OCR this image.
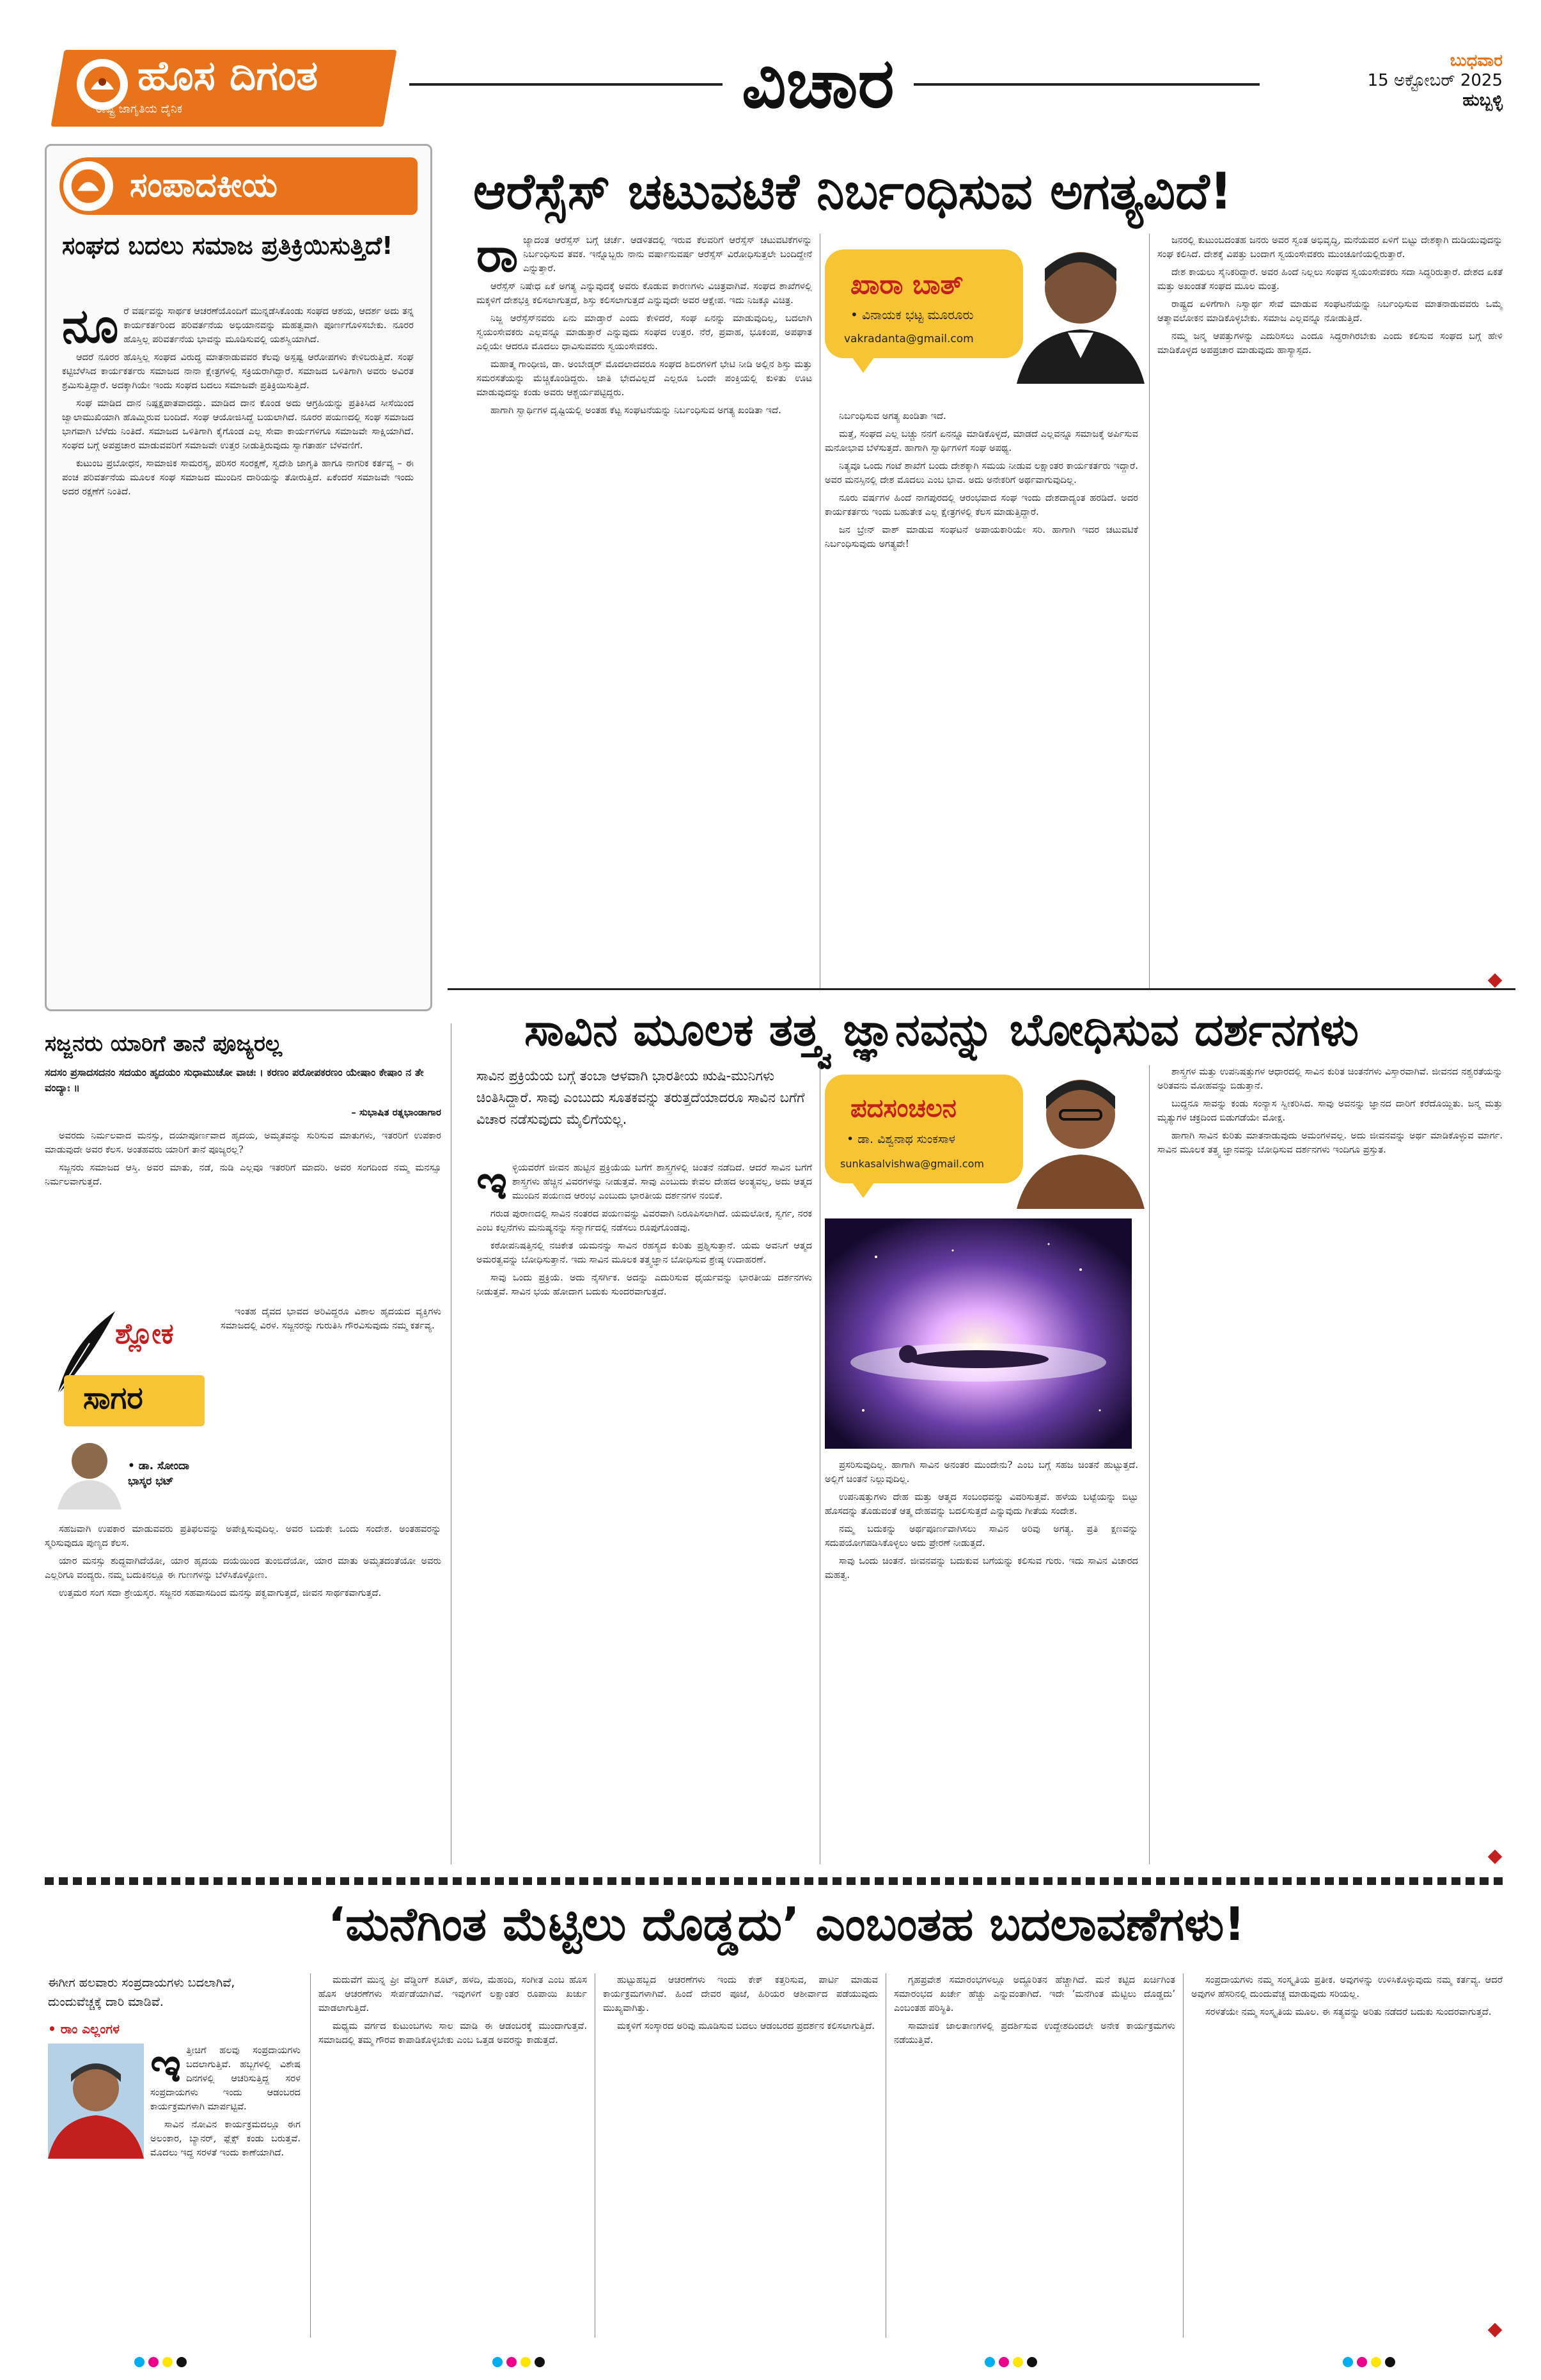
ಹೊಸ ದಿಗಂತ
ರಾಷ್ಟ್ರ ಜಾಗೃತಿಯ ದೈನಿಕ	ವಿಚಾರ	ಬುಧವಾರ
15 ಅಕ್ಟೋಬರ್ 2025
ಹುಬ್ಬಳ್ಳಿ
ಸಂಪಾದಕೀಯ
ಸಂಘದ ಬದಲು ಸಮಾಜ ಪ್ರತಿಕ್ರಿಯಿಸುತ್ತಿದೆ!
ನೂ ರೆ ವರ್ಷವನ್ನು ಸಾರ್ಥಕ ಆಚರಣೆಯೊಂದಿಗೆ ಮುನ್ನಡೆಸಿಕೊಂಡು ಸಂಘದ ಆಶಯ, ಆದರ್ಶ ಅದು ತನ್ನ ಕಾರ್ಯಕರ್ತರಿಂದ ಪರಿವರ್ತನೆಯ ಅಭಿಯಾನವನ್ನು ಮಹತ್ವವಾಗಿ ಪೂರ್ಣಗೊಳಿಸಬೇಕು. ನೂರರ ಹೊಸ್ತಿಲ್ಲ ಪರಿವರ್ತನೆಯ ಭಾವನ್ನು ಮೂಡಿಸುವಲ್ಲಿ ಯಶಸ್ವಿಯಾಗಿದೆ.

ಆದರೆ ನೂರರ ಹೊಸ್ತಿಲ್ಲ ಸಂಘದ ವಿರುದ್ಧ ಮಾತನಾಡುವವರ ಕೆಲವು ಅಸ್ಪಷ್ಟ ಆರೋಪಗಳು ಕೇಳಿಬರುತ್ತಿವೆ. ಸಂಘ ಕಟ್ಟಿಬೆಳೆಸಿದ ಕಾರ್ಯಕರ್ತರು ಸಮಾಜದ ನಾನಾ ಕ್ಷೇತ್ರಗಳಲ್ಲಿ ಸಕ್ರಿಯರಾಗಿದ್ದಾರೆ. ಸಮಾಜದ ಒಳಿತಿಗಾಗಿ ಅವರು ಅವಿರತ ಶ್ರಮಿಸುತ್ತಿದ್ದಾರೆ. ಅದಕ್ಕಾಗಿಯೇ ಇಂದು ಸಂಘದ ಬದಲು ಸಮಾಜವೇ ಪ್ರತಿಕ್ರಿಯಿಸುತ್ತಿದೆ.

ಸಂಘ ಮಾಡಿದ ದಾನ ನಿಷ್ಪಕ್ಷಪಾತವಾದದ್ದು. ಮಾಡಿದ ದಾನ ಕೊಂಡ ಅದು ಆಗ್ರಹಿಯನ್ನು ಪ್ರತಿಕಿಸಿದ ಸೀಸೆಯಿಂದ ಜ್ವಾಲಾಮುಖಿಯಾಗಿ ಹೊಮ್ಮಿರುವ ಬಂದಿದೆ. ಸಂಘ ಆಯೋಜಿಸಿದ್ದೆ ಬಯಲಾಗಿದೆ. ನೂರರ ಪಯಣದಲ್ಲಿ ಸಂಘ ಸಮಾಜದ ಭಾಗವಾಗಿ ಬೆಳೆದು ನಿಂತಿದೆ. ಸಮಾಜದ ಒಳಿತಿಗಾಗಿ ಕೈಗೊಂಡ ಎಲ್ಲ ಸೇವಾ ಕಾರ್ಯಗಳಿಗೂ ಸಮಾಜವೇ ಸಾಕ್ಷಿಯಾಗಿದೆ. ಸಂಘದ ಬಗ್ಗೆ ಅಪಪ್ರಚಾರ ಮಾಡುವವರಿಗೆ ಸಮಾಜವೇ ಉತ್ತರ ನೀಡುತ್ತಿರುವುದು ಸ್ವಾಗತಾರ್ಹ ಬೆಳವಣಿಗೆ.

ಕುಟುಂಬ ಪ್ರಬೋಧನ, ಸಾಮಾಜಿಕ ಸಾಮರಸ್ಯ, ಪರಿಸರ ಸಂರಕ್ಷಣೆ, ಸ್ವದೇಶಿ ಜಾಗೃತಿ ಹಾಗೂ ನಾಗರಿಕ ಕರ್ತವ್ಯ – ಈ ಪಂಚ ಪರಿವರ್ತನೆಯ ಮೂಲಕ ಸಂಘ ಸಮಾಜದ ಮುಂದಿನ ದಾರಿಯನ್ನು ತೋರುತ್ತಿದೆ. ಏಕೆಂದರೆ ಸಮಾಜವೇ ಇಂದು ಅದರ ರಕ್ಷಣೆಗೆ ನಿಂತಿದೆ.

ಆರೆಸ್ಸೆಸ್ ಚಟುವಟಿಕೆ ನಿರ್ಬಂಧಿಸುವ ಅಗತ್ಯವಿದೆ!
ರಾ ಜ್ಯಾದಂತ ಆರೆಸ್ಸೆಸ್ ಬಗ್ಗೆ ಚರ್ಚೆ. ಆಡಳಿತದಲ್ಲಿ ಇರುವ ಕೆಲವರಿಗೆ ಆರೆಸ್ಸೆಸ್ ಚಟುವಟಿಕೆಗಳನ್ನು ನಿರ್ಬಂಧಿಸುವ ತವಕ. ಇನ್ನೊಬ್ಬರು ನಾನು ವರ್ಷಾನುವರ್ಷ ಆರೆಸ್ಸೆಸ್ ವಿರೋಧಿಸುತ್ತಲೇ ಬಂದಿದ್ದೇನೆ ಎನ್ನುತ್ತಾರೆ.

ಆರೆಸ್ಸೆಸ್ ನಿಷೇಧ ಏಕೆ ಅಗತ್ಯ ಎನ್ನುವುದಕ್ಕೆ ಅವರು ಕೊಡುವ ಕಾರಣಗಳು ವಿಚಿತ್ರವಾಗಿವೆ. ಸಂಘದ ಶಾಖೆಗಳಲ್ಲಿ ಮಕ್ಕಳಿಗೆ ದೇಶಭಕ್ತಿ ಕಲಿಸಲಾಗುತ್ತದೆ, ಶಿಸ್ತು ಕಲಿಸಲಾಗುತ್ತದೆ ಎನ್ನುವುದೇ ಅವರ ಆಕ್ಷೇಪ. ಇದು ನಿಜಕ್ಕೂ ವಿಚಿತ್ರ.

ನಿಜ್ಜ ಆರೆಸ್ಸೆಸ್‌ನವರು ಏನು ಮಾಡ್ತಾರೆ ಎಂದು ಕೇಳಿದರೆ, ಸಂಘ ಏನನ್ನು ಮಾಡುವುದಿಲ್ಲ, ಬದಲಾಗಿ ಸ್ವಯಂಸೇವಕರು ಎಲ್ಲವನ್ನೂ ಮಾಡುತ್ತಾರೆ ಎನ್ನುವುದು ಸಂಘದ ಉತ್ತರ. ನೆರೆ, ಪ್ರವಾಹ, ಭೂಕಂಪ, ಅಪಘಾತ ಎಲ್ಲಿಯೇ ಆದರೂ ಮೊದಲು ಧಾವಿಸುವವರು ಸ್ವಯಂಸೇವಕರು.

ಮಹಾತ್ಮ ಗಾಂಧೀಜಿ, ಡಾ. ಅಂಬೇಡ್ಕರ್ ಮೊದಲಾದವರೂ ಸಂಘದ ಶಿಬಿರಗಳಿಗೆ ಭೇಟಿ ನೀಡಿ ಅಲ್ಲಿನ ಶಿಸ್ತು ಮತ್ತು ಸಮರಸತೆಯನ್ನು ಮೆಚ್ಚಿಕೊಂಡಿದ್ದರು. ಜಾತಿ ಭೇದವಿಲ್ಲದೆ ಎಲ್ಲರೂ ಒಂದೇ ಪಂಕ್ತಿಯಲ್ಲಿ ಕುಳಿತು ಊಟ ಮಾಡುವುದನ್ನು ಕಂಡು ಅವರು ಆಶ್ಚರ್ಯಪಟ್ಟಿದ್ದರು.

ಹಾಗಾಗಿ ಸ್ವಾರ್ಥಿಗಳ ದೃಷ್ಟಿಯಲ್ಲಿ ಅಂತಹ ಕೆಟ್ಟ ಸಂಘಟನೆಯನ್ನು ನಿರ್ಬಂಧಿಸುವ ಅಗತ್ಯ ಖಂಡಿತಾ ಇದೆ.

ಖಾರಾ ಬಾತ್
• ವಿನಾಯಕ ಭಟ್ಟ ಮೂರೂರು
vakradanta@gmail.com

ನಿರ್ಬಂಧಿಸುವ ಅಗತ್ಯ ಖಂಡಿತಾ ಇದೆ.

ಮತ್ತೆ, ಸಂಘದ ಎಲ್ಲ ಬಚ್ಚು ನನಗೆ ಏನನ್ನೂ ಮಾಡಿಕೊಳ್ಳದೆ, ಮಾಡದೆ ಎಲ್ಲವನ್ನೂ ಸಮಾಜಕ್ಕೆ ಅರ್ಪಿಸುವ ಮನೋಭಾವ ಬೆಳೆಸುತ್ತದೆ. ಹಾಗಾಗಿ ಸ್ವಾರ್ಥಿಗಳಿಗೆ ಸಂಘ ಅಪಥ್ಯ.

ನಿತ್ಯವೂ ಒಂದು ಗಂಟೆ ಶಾಖೆಗೆ ಬಂದು ದೇಶಕ್ಕಾಗಿ ಸಮಯ ನೀಡುವ ಲಕ್ಷಾಂತರ ಕಾರ್ಯಕರ್ತರು ಇದ್ದಾರೆ. ಅವರ ಮನಸ್ಸಿನಲ್ಲಿ ದೇಶ ಮೊದಲು ಎಂಬ ಭಾವ. ಅದು ಅನೇಕರಿಗೆ ಅರ್ಥವಾಗುವುದಿಲ್ಲ.

ನೂರು ವರ್ಷಗಳ ಹಿಂದೆ ನಾಗಪುರದಲ್ಲಿ ಆರಂಭವಾದ ಸಂಘ ಇಂದು ದೇಶದಾದ್ಯಂತ ಹರಡಿದೆ. ಅದರ ಕಾರ್ಯಕರ್ತರು ಇಂದು ಬಹುತೇಕ ಎಲ್ಲ ಕ್ಷೇತ್ರಗಳಲ್ಲಿ ಕೆಲಸ ಮಾಡುತ್ತಿದ್ದಾರೆ.

ಜನ ಬ್ರೇನ್ ವಾಶ್ ಮಾಡುವ ಸಂಘಟನೆ ಅಪಾಯಕಾರಿಯೇ ಸರಿ. ಹಾಗಾಗಿ ಇದರ ಚಟುವಟಿಕೆ ನಿರ್ಬಂಧಿಸುವುದು ಅಗತ್ಯವೇ!

ಜನರಲ್ಲಿ ಕುಟುಂಬದಂತಹ ಜನರು ಅವರ ಸ್ವಂತ ಅಭಿವೃದ್ಧಿ, ಮನೆಯವರ ಏಳಿಗೆ ಬಿಟ್ಟು ದೇಶಕ್ಕಾಗಿ ದುಡಿಯುವುದನ್ನು ಸಂಘ ಕಲಿಸಿದೆ. ದೇಶಕ್ಕೆ ವಿಪತ್ತು ಬಂದಾಗ ಸ್ವಯಂಸೇವಕರು ಮುಂಚೂಣಿಯಲ್ಲಿರುತ್ತಾರೆ.

ದೇಶ ಕಾಯಲು ಸೈನಿಕರಿದ್ದಾರೆ. ಅವರ ಹಿಂದೆ ನಿಲ್ಲಲು ಸಂಘದ ಸ್ವಯಂಸೇವಕರು ಸದಾ ಸಿದ್ಧರಿರುತ್ತಾರೆ. ದೇಶದ ಏಕತೆ ಮತ್ತು ಅಖಂಡತೆ ಸಂಘದ ಮೂಲ ಮಂತ್ರ.

ರಾಷ್ಟ್ರದ ಏಳಿಗೆಗಾಗಿ ನಿಸ್ವಾರ್ಥ ಸೇವೆ ಮಾಡುವ ಸಂಘಟನೆಯನ್ನು ನಿರ್ಬಂಧಿಸುವ ಮಾತನಾಡುವವರು ಒಮ್ಮೆ ಆತ್ಮಾವಲೋಕನ ಮಾಡಿಕೊಳ್ಳಬೇಕು. ಸಮಾಜ ಎಲ್ಲವನ್ನೂ ನೋಡುತ್ತಿದೆ.

ನಮ್ಮ ಜನ್ಮ ಆಪತ್ತುಗಳನ್ನು ಎದುರಿಸಲು ಎಂದೂ ಸಿದ್ಧರಾಗಿರಬೇಕು ಎಂದು ಕಲಿಸುವ ಸಂಘದ ಬಗ್ಗೆ ಹೇಳಿ ಮಾಡಿಕೊಳ್ಳದ ಅಪಪ್ರಚಾರ ಮಾಡುವುದು ಹಾಸ್ಯಾಸ್ಪದ.

ಸಾವಿನ ಮೂಲಕ ತತ್ತ್ವ ಜ್ಞಾನವನ್ನು ಬೋಧಿಸುವ ದರ್ಶನಗಳು
ಸಾವಿನ ಪ್ರಕ್ರಿಯೆಯ ಬಗ್ಗೆ ತಂಬಾ ಆಳವಾಗಿ ಭಾರತೀಯ ಋಷಿ-ಮುನಿಗಳು ಚಿಂತಿಸಿದ್ದಾರೆ. ಸಾವು ಎಂಬುದು ಸೂತಕವನ್ನು ತರುತ್ತದೆಯಾದರೂ ಸಾವಿನ ಬಗೆಗೆ ವಿಚಾರ ನಡೆಸುವುದು ಮೈಲಿಗೆಯಲ್ಲ.
ಇ ಳ್ಳಿಯವರೆಗೆ ಜೀವನ ಹುಟ್ಟಿನ ಪ್ರಕ್ರಿಯೆಯ ಬಗೆಗೆ ಶಾಸ್ತ್ರಗಳಲ್ಲಿ ಚಿಂತನೆ ನಡೆದಿದೆ. ಆದರೆ ಸಾವಿನ ಬಗೆಗೆ ಶಾಸ್ತ್ರಗಳು ಹೆಚ್ಚಿನ ವಿವರಗಳನ್ನು ನೀಡುತ್ತವೆ. ಸಾವು ಎಂಬುದು ಕೇವಲ ದೇಹದ ಅಂತ್ಯವಲ್ಲ, ಅದು ಆತ್ಮದ ಮುಂದಿನ ಪಯಣದ ಆರಂಭ ಎಂಬುದು ಭಾರತೀಯ ದರ್ಶನಗಳ ನಂಬಿಕೆ.

ಗರುಡ ಪುರಾಣದಲ್ಲಿ ಸಾವಿನ ನಂತರದ ಪಯಣವನ್ನು ವಿವರವಾಗಿ ನಿರೂಪಿಸಲಾಗಿದೆ. ಯಮಲೋಕ, ಸ್ವರ್ಗ, ನರಕ ಎಂಬ ಕಲ್ಪನೆಗಳು ಮನುಷ್ಯನನ್ನು ಸನ್ಮಾರ್ಗದಲ್ಲಿ ನಡೆಸಲು ರೂಪುಗೊಂಡವು.

ಕಠೋಪನಿಷತ್ತಿನಲ್ಲಿ ನಚಿಕೇತ ಯಮನನ್ನು ಸಾವಿನ ರಹಸ್ಯದ ಕುರಿತು ಪ್ರಶ್ನಿಸುತ್ತಾನೆ. ಯಮ ಅವನಿಗೆ ಆತ್ಮದ ಅಮರತ್ವವನ್ನು ಬೋಧಿಸುತ್ತಾನೆ. ಇದು ಸಾವಿನ ಮೂಲಕ ತತ್ತ್ವಜ್ಞಾನ ಬೋಧಿಸುವ ಶ್ರೇಷ್ಠ ಉದಾಹರಣೆ.

ಸಾವು ಒಂದು ಪ್ರಕ್ರಿಯೆ. ಅದು ನೈಸರ್ಗಿಕ. ಅದನ್ನು ಎದುರಿಸುವ ಧೈರ್ಯವನ್ನು ಭಾರತೀಯ ದರ್ಶನಗಳು ನೀಡುತ್ತವೆ. ಸಾವಿನ ಭಯ ಹೋದಾಗ ಬದುಕು ಸುಂದರವಾಗುತ್ತದೆ.

ಪದಸಂಚಲನ
• ಡಾ. ವಿಶ್ವನಾಥ ಸುಂಕಸಾಳ
sunkasalvishwa@gmail.com

ಪ್ರಸರಿಸುವುದಿಲ್ಲ. ಹಾಗಾಗಿ ಸಾವಿನ ಅನಂತರ ಮುಂದೇನು? ಎಂಬ ಬಗ್ಗೆ ಸಹಜ ಚಿಂತನೆ ಹುಟ್ಟುತ್ತದೆ. ಅಲ್ಲಿಗೆ ಚಿಂತನೆ ನಿಲ್ಲುವುದಿಲ್ಲ.

ಉಪನಿಷತ್ತುಗಳು ದೇಹ ಮತ್ತು ಆತ್ಮದ ಸಂಬಂಧವನ್ನು ವಿವರಿಸುತ್ತವೆ. ಹಳೆಯ ಬಟ್ಟೆಯನ್ನು ಬಿಟ್ಟು ಹೊಸದನ್ನು ತೊಡುವಂತೆ ಆತ್ಮ ದೇಹವನ್ನು ಬದಲಿಸುತ್ತದೆ ಎನ್ನುವುದು ಗೀತೆಯ ಸಂದೇಶ.

ನಮ್ಮ ಬದುಕನ್ನು ಅರ್ಥಪೂರ್ಣವಾಗಿಸಲು ಸಾವಿನ ಅರಿವು ಅಗತ್ಯ. ಪ್ರತಿ ಕ್ಷಣವನ್ನು ಸದುಪಯೋಗಪಡಿಸಿಕೊಳ್ಳಲು ಅದು ಪ್ರೇರಣೆ ನೀಡುತ್ತದೆ.

ಸಾವು ಒಂದು ಚಿಂತನೆ. ಜೀವನವನ್ನು ಬದುಕುವ ಬಗೆಯನ್ನು ಕಲಿಸುವ ಗುರು. ಇದು ಸಾವಿನ ವಿಚಾರದ ಮಹತ್ವ.

ಶಾಸ್ತ್ರಗಳ ಮತ್ತು ಉಪನಿಷತ್ತುಗಳ ಆಧಾರದಲ್ಲಿ ಸಾವಿನ ಕುರಿತ ಚಿಂತನೆಗಳು ವಿಸ್ತಾರವಾಗಿವೆ. ಜೀವನದ ನಶ್ವರತೆಯನ್ನು ಅರಿತವನು ಮೋಹವನ್ನು ಬಿಡುತ್ತಾನೆ.

ಬುದ್ಧನೂ ಸಾವನ್ನು ಕಂಡು ಸಂನ್ಯಾಸ ಸ್ವೀಕರಿಸಿದ. ಸಾವು ಅವನನ್ನು ಜ್ಞಾನದ ದಾರಿಗೆ ಕರೆದೊಯ್ದಿತು. ಜನ್ಮ ಮತ್ತು ಮೃತ್ಯುಗಳ ಚಕ್ರದಿಂದ ಬಿಡುಗಡೆಯೇ ಮೋಕ್ಷ.

ಹಾಗಾಗಿ ಸಾವಿನ ಕುರಿತು ಮಾತನಾಡುವುದು ಅಮಂಗಳವಲ್ಲ. ಅದು ಜೀವನವನ್ನು ಅರ್ಥ ಮಾಡಿಕೊಳ್ಳುವ ಮಾರ್ಗ. ಸಾವಿನ ಮೂಲಕ ತತ್ತ್ವ ಜ್ಞಾನವನ್ನು ಬೋಧಿಸುವ ದರ್ಶನಗಳು ಇಂದಿಗೂ ಪ್ರಸ್ತುತ.

ಸಜ್ಜನರು ಯಾರಿಗೆ ತಾನೆ ಪೂಜ್ಯರಲ್ಲ
ಸದಸಂ ಪ್ರಸಾದಸದನಂ ಸದಯಂ ಹೃದಯಂ ಸುಧಾಮುಚೋ ವಾಚಃ । ಕರಣಂ ಪರೋಪಕರಣಂ ಯೇಷಾಂ ಕೇಷಾಂ ನ ತೇ ವಂದ್ಯಾಃ ॥
– ಸುಭಾಷಿತ ರತ್ನಭಾಂಡಾಗಾರ

ಅವರದು ನಿರ್ಮಲವಾದ ಮನಸ್ಸು, ದಯಾಪೂರ್ಣವಾದ ಹೃದಯ, ಅಮೃತವನ್ನು ಸುರಿಸುವ ಮಾತುಗಳು, ಇತರರಿಗೆ ಉಪಕಾರ ಮಾಡುವುದೇ ಅವರ ಕೆಲಸ. ಅಂತಹವರು ಯಾರಿಗೆ ತಾನೆ ಪೂಜ್ಯರಲ್ಲ?

ಸಜ್ಜನರು ಸಮಾಜದ ಆಸ್ತಿ. ಅವರ ಮಾತು, ನಡೆ, ನುಡಿ ಎಲ್ಲವೂ ಇತರರಿಗೆ ಮಾದರಿ. ಅವರ ಸಂಗದಿಂದ ನಮ್ಮ ಮನಸ್ಸೂ ನಿರ್ಮಲವಾಗುತ್ತದೆ.

ಶ್ಲೋಕ
ಸಾಗರ
• ಡಾ. ಸೋಂದಾ ಭಾಸ್ಕರ ಭಟ್

ಇಂತಹ ದೈವದ ಭಾವದ ಅರಿವಿದ್ದರೂ ವಿಶಾಲ ಹೃದಯದ ವ್ಯಕ್ತಿಗಳು ಸಮಾಜದಲ್ಲಿ ವಿರಳ. ಸಜ್ಜನರನ್ನು ಗುರುತಿಸಿ ಗೌರವಿಸುವುದು ನಮ್ಮ ಕರ್ತವ್ಯ.

ಸಹಜವಾಗಿ ಉಪಕಾರ ಮಾಡುವವರು ಪ್ರತಿಫಲವನ್ನು ಅಪೇಕ್ಷಿಸುವುದಿಲ್ಲ. ಅವರ ಬದುಕೇ ಒಂದು ಸಂದೇಶ. ಅಂತಹವರನ್ನು ಸ್ಮರಿಸುವುದೂ ಪುಣ್ಯದ ಕೆಲಸ.

ಯಾರ ಮನಸ್ಸು ಶುದ್ಧವಾಗಿದೆಯೋ, ಯಾರ ಹೃದಯ ದಯೆಯಿಂದ ತುಂಬಿದೆಯೋ, ಯಾರ ಮಾತು ಅಮೃತದಂತೆಯೋ ಅವರು ಎಲ್ಲರಿಗೂ ವಂದ್ಯರು. ನಮ್ಮ ಬದುಕಿನಲ್ಲೂ ಈ ಗುಣಗಳನ್ನು ಬೆಳೆಸಿಕೊಳ್ಳೋಣ.

ಉತ್ತಮರ ಸಂಗ ಸದಾ ಶ್ರೇಯಸ್ಕರ. ಸಜ್ಜನರ ಸಹವಾಸದಿಂದ ಮನಸ್ಸು ಪಕ್ವವಾಗುತ್ತದೆ, ಜೀವನ ಸಾರ್ಥಕವಾಗುತ್ತದೆ.

‘ಮನೆಗಿಂತ ಮೆಟ್ಟಿಲು ದೊಡ್ಡದು’ ಎಂಬಂತಹ ಬದಲಾವಣೆಗಳು!
ಈಗೀಗ ಹಲವಾರು ಸಂಪ್ರದಾಯಗಳು ಬದಲಾಗಿವೆ, ದುಂದುವೆಚ್ಚಕ್ಕೆ ದಾರಿ ಮಾಡಿವೆ.
• ರಾಂ ಎಲ್ಲಂಗಳ
ಇ ತ್ತೀಚಿಗೆ ಹಲವು ಸಂಪ್ರದಾಯಗಳು ಬದಲಾಗುತ್ತಿವೆ. ಹಬ್ಬಗಳಲ್ಲಿ ವಿಶೇಷ ದಿನಗಳಲ್ಲಿ ಆಚರಿಸುತ್ತಿದ್ದ ಸರಳ ಸಂಪ್ರದಾಯಗಳು ಇಂದು ಆಡಂಬರದ ಕಾರ್ಯಕ್ರಮಗಳಾಗಿ ಮಾರ್ಪಟ್ಟಿವೆ.

ಸಾವಿನ ನೋವಿನ ಕಾರ್ಯಕ್ರಮದಲ್ಲೂ ಈಗ ಅಲಂಕಾರ, ಬ್ಯಾನರ್, ಫ್ಲೆಕ್ಸ್ ಕಂಡು ಬರುತ್ತವೆ. ಮೊದಲು ಇದ್ದ ಸರಳತೆ ಇಂದು ಕಾಣೆಯಾಗಿದೆ.

ಮದುವೆಗೆ ಮುನ್ನ ಪ್ರೀ ವೆಡ್ಡಿಂಗ್ ಶೂಟ್, ಹಳದಿ, ಮೆಹಂದಿ, ಸಂಗೀತ ಎಂಬ ಹೊಸ ಹೊಸ ಆಚರಣೆಗಳು ಸೇರ್ಪಡೆಯಾಗಿವೆ. ಇವುಗಳಿಗೆ ಲಕ್ಷಾಂತರ ರೂಪಾಯಿ ಖರ್ಚು ಮಾಡಲಾಗುತ್ತಿದೆ.

ಮಧ್ಯಮ ವರ್ಗದ ಕುಟುಂಬಗಳು ಸಾಲ ಮಾಡಿ ಈ ಆಡಂಬರಕ್ಕೆ ಮುಂದಾಗುತ್ತವೆ. ಸಮಾಜದಲ್ಲಿ ತಮ್ಮ ಗೌರವ ಕಾಪಾಡಿಕೊಳ್ಳಬೇಕು ಎಂಬ ಒತ್ತಡ ಅವರನ್ನು ಕಾಡುತ್ತದೆ.

ಹುಟ್ಟುಹಬ್ಬದ ಆಚರಣೆಗಳು ಇಂದು ಕೇಕ್ ಕತ್ತರಿಸುವ, ಪಾರ್ಟಿ ಮಾಡುವ ಕಾರ್ಯಕ್ರಮಗಳಾಗಿವೆ. ಹಿಂದೆ ದೇವರ ಪೂಜೆ, ಹಿರಿಯರ ಆಶೀರ್ವಾದ ಪಡೆಯುವುದು ಮುಖ್ಯವಾಗಿತ್ತು.

ಮಕ್ಕಳಿಗೆ ಸಂಸ್ಕಾರದ ಅರಿವು ಮೂಡಿಸುವ ಬದಲು ಆಡಂಬರದ ಪ್ರದರ್ಶನ ಕಲಿಸಲಾಗುತ್ತಿದೆ.

ಗೃಹಪ್ರವೇಶ ಸಮಾರಂಭಗಳಲ್ಲೂ ಅದ್ದೂರಿತನ ಹೆಚ್ಚಾಗಿದೆ. ಮನೆ ಕಟ್ಟಿದ ಖರ್ಚಿಗಿಂತ ಸಮಾರಂಭದ ಖರ್ಚೇ ಹೆಚ್ಚು ಎನ್ನುವಂತಾಗಿದೆ. ಇದೇ ‘ಮನೆಗಿಂತ ಮೆಟ್ಟಿಲು ದೊಡ್ಡದು’ ಎಂಬಂತಹ ಪರಿಸ್ಥಿತಿ.

ಸಾಮಾಜಿಕ ಜಾಲತಾಣಗಳಲ್ಲಿ ಪ್ರದರ್ಶಿಸುವ ಉದ್ದೇಶದಿಂದಲೇ ಅನೇಕ ಕಾರ್ಯಕ್ರಮಗಳು ನಡೆಯುತ್ತಿವೆ.

ಸಂಪ್ರದಾಯಗಳು ನಮ್ಮ ಸಂಸ್ಕೃತಿಯ ಪ್ರತೀಕ. ಅವುಗಳನ್ನು ಉಳಿಸಿಕೊಳ್ಳುವುದು ನಮ್ಮ ಕರ್ತವ್ಯ. ಆದರೆ ಅವುಗಳ ಹೆಸರಿನಲ್ಲಿ ದುಂದುವೆಚ್ಚ ಮಾಡುವುದು ಸರಿಯಲ್ಲ.

ಸರಳತೆಯೇ ನಮ್ಮ ಸಂಸ್ಕೃತಿಯ ಮೂಲ. ಈ ಸತ್ಯವನ್ನು ಅರಿತು ನಡೆದರೆ ಬದುಕು ಸುಂದರವಾಗುತ್ತದೆ.
